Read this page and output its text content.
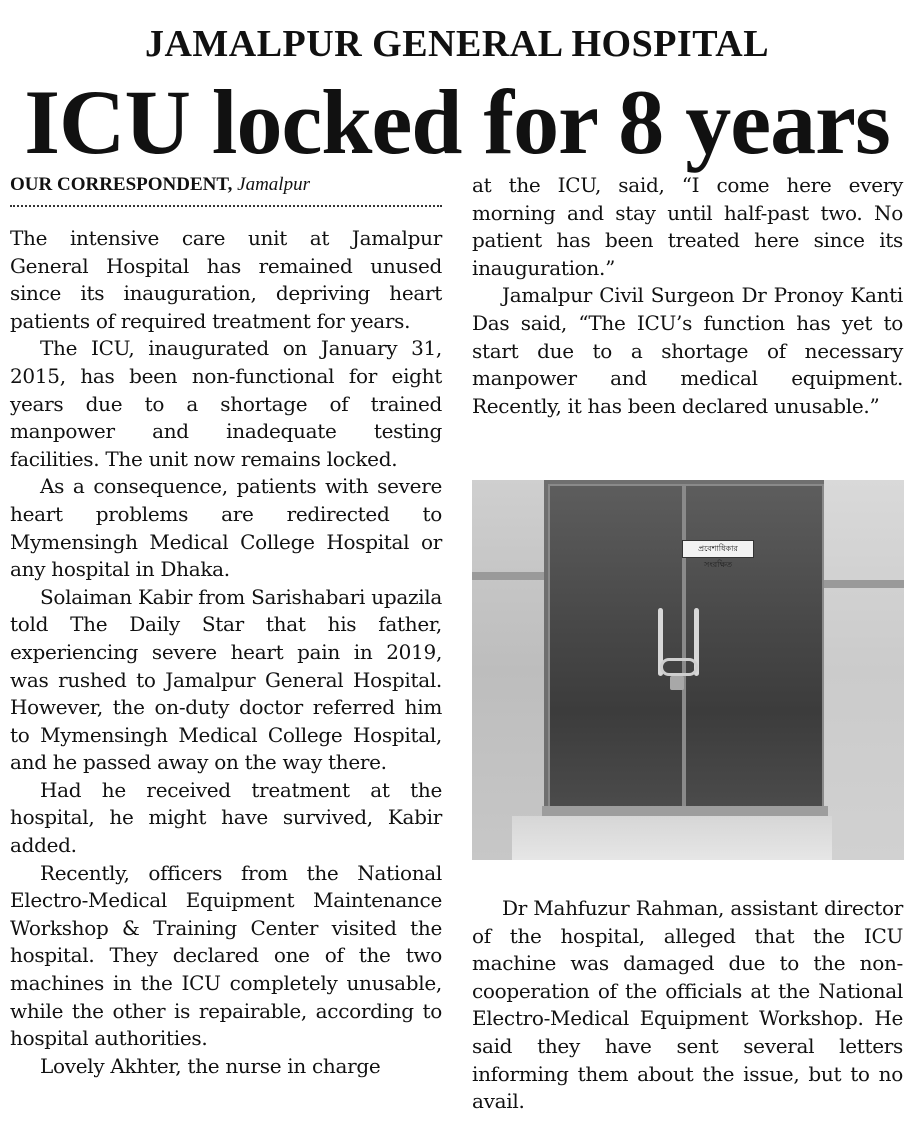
JAMALPUR GENERAL HOSPITAL
ICU locked for 8 years
OUR CORRESPONDENT, Jamalpur

The intensive care unit at Jamalpur General Hospital has remained unused since its inauguration, depriving heart patients of required treatment for years.

The ICU, inaugurated on January 31, 2015, has been non-functional for eight years due to a shortage of trained manpower and inadequate testing facilities. The unit now remains locked.

As a consequence, patients with severe heart problems are redirected to Mymensingh Medical College Hospital or any hospital in Dhaka.

Solaiman Kabir from Sarishabari upazila told The Daily Star that his father, experiencing severe heart pain in 2019, was rushed to Jamalpur General Hospital. However, the on-duty doctor referred him to Mymensingh Medical College Hospital, and he passed away on the way there.

Had he received treatment at the hospital, he might have survived, Kabir added.

Recently, officers from the National Electro-Medical Equipment Maintenance Workshop & Training Center visited the hospital. They declared one of the two machines in the ICU completely unusable, while the other is repairable, according to hospital authorities.

Lovely Akhter, the nurse in charge

at the ICU, said, “I come here every morning and stay until half-past two. No patient has been treated here since its inauguration.”

Jamalpur Civil Surgeon Dr Pronoy Kanti Das said, “The ICU’s function has yet to start due to a shortage of necessary manpower and medical equipment. Recently, it has been declared unusable.”

প্রবেশাধিকার সংরক্ষিত

Dr Mahfuzur Rahman, assistant director of the hospital, alleged that the ICU machine was damaged due to the non-cooperation of the officials at the National Electro-Medical Equipment Workshop. He said they have sent several letters informing them about the issue, but to no avail.
